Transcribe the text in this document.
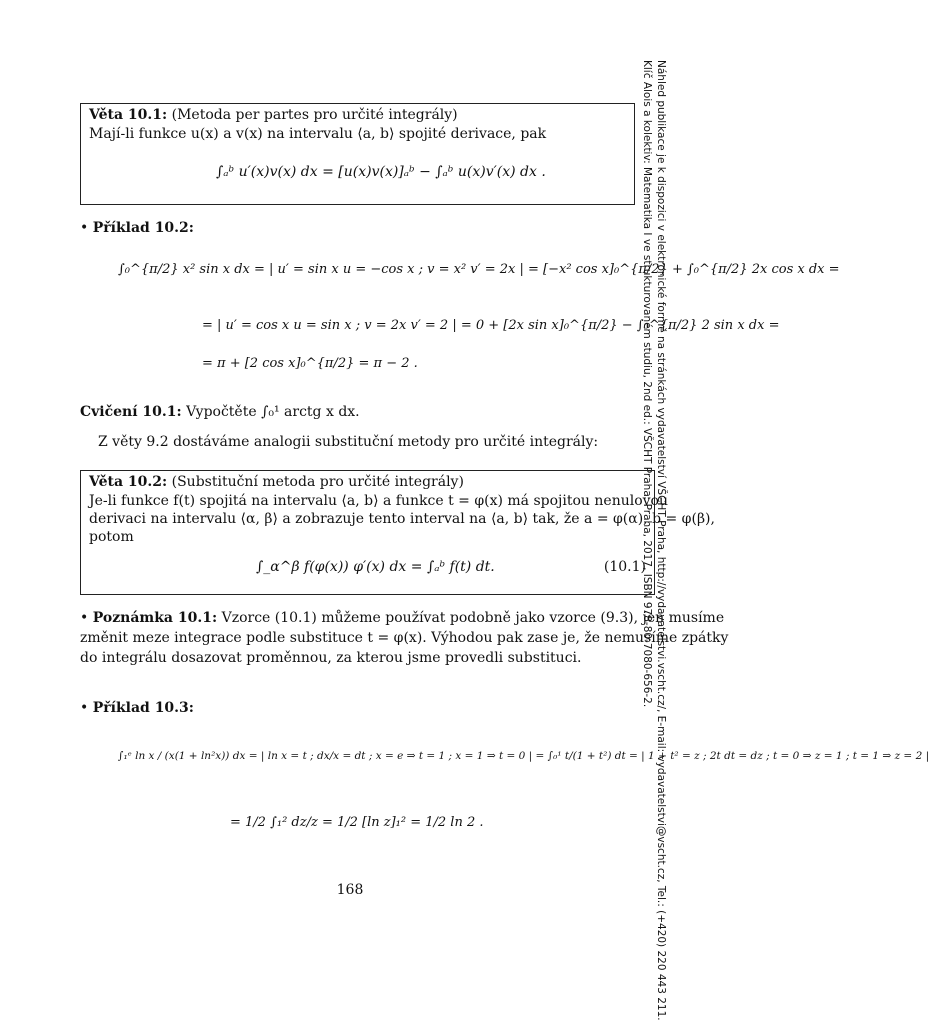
Náhled publikace je k dispozici v elektronické formě na stránkách vydavatelství VŠCHT Praha, http://vydavatelstvi.vscht.cz/, E-mail: vydavatelstvi@vscht.cz, Tel.: (+420) 220 443 211.
Klíč Alois a kolektiv: Matematika I ve strukturovaném studiu, 2nd ed.: VŠCHT Praha: Praha, 2017, ISBN 978-80-7080-656-2.
Věta 10.1: (Metoda per partes pro určité integrály)
Mají-li funkce u(x) a v(x) na intervalu ⟨a, b⟩ spojité derivace, pak
∫ₐᵇ u′(x)v(x) dx = [u(x)v(x)]ₐᵇ − ∫ₐᵇ u(x)v′(x) dx .
• Příklad 10.2:
∫₀^{π/2} x² sin x dx = | u′ = sin x u = −cos x ; v = x² v′ = 2x | = [−x² cos x]₀^{π/2} + ∫₀^{π/2} 2x cos x dx =
= | u′ = cos x u = sin x ; v = 2x v′ = 2 | = 0 + [2x sin x]₀^{π/2} − ∫₀^{π/2} 2 sin x dx =
= π + [2 cos x]₀^{π/2} = π − 2 .
Cvičení 10.1: Vypočtěte ∫₀¹ arctg x dx.
Z věty 9.2 dostáváme analogii substituční metody pro určité integrály:
Věta 10.2: (Substituční metoda pro určité integrály)
Je-li funkce f(t) spojitá na intervalu ⟨a, b⟩ a funkce t = φ(x) má spojitou nenulovou
derivaci na intervalu ⟨α, β⟩ a zobrazuje tento interval na ⟨a, b⟩ tak, že a = φ(α), b = φ(β),
potom
∫_α^β f(φ(x)) φ′(x) dx = ∫ₐᵇ f(t) dt.	(10.1)
• Poznámka 10.1: Vzorce (10.1) můžeme používat podobně jako vzorce (9.3), jen musíme
změnit meze integrace podle substituce t = φ(x). Výhodou pak zase je, že nemusíme zpátky
do integrálu dosazovat proměnnou, za kterou jsme provedli substituci.
• Příklad 10.3:
∫₁ᵉ ln x / (x(1 + ln²x)) dx = | ln x = t ; dx/x = dt ; x = e ⇒ t = 1 ; x = 1 ⇒ t = 0 | = ∫₀¹ t/(1 + t²) dt = | 1 + t² = z ; 2t dt = dz ; t = 0 ⇒ z = 1 ; t = 1 ⇒ z = 2 |
= 1/2 ∫₁² dz/z = 1/2 [ln z]₁² = 1/2 ln 2 .
168
